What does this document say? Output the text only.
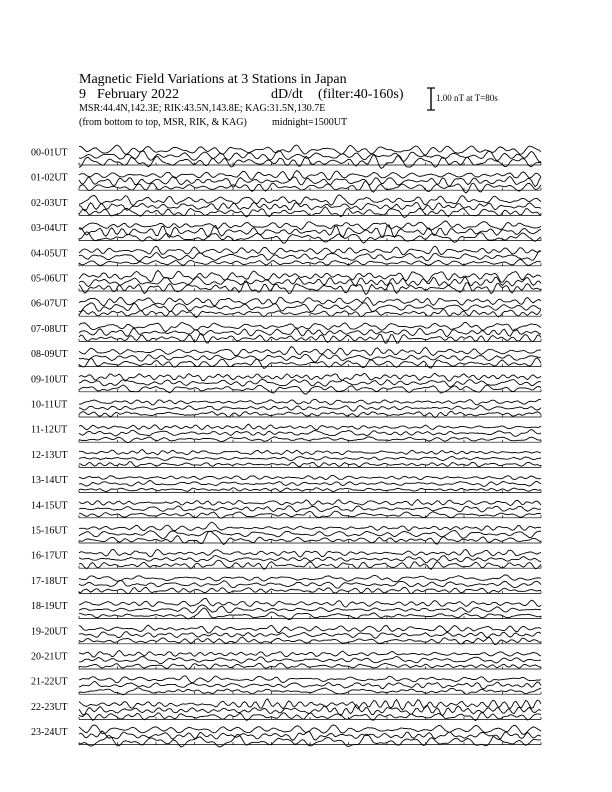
Magnetic Field Variations at 3 Stations in Japan

9 February 2022	dD/dt (filter:40-160s)

MSR:44.4N,142.3E; RIK:43.5N,143.8E; KAG:31.5N,130.7E

(from bottom to top, MSR, RIK, & KAG)	midnight=1500UT

1.00 nT at T=80s

00-01UT
01-02UT
02-03UT
03-04UT
04-05UT
05-06UT
06-07UT
07-08UT
08-09UT
09-10UT
10-11UT
11-12UT
12-13UT
13-14UT
14-15UT
15-16UT
16-17UT
17-18UT
18-19UT
19-20UT
20-21UT
21-22UT
22-23UT
23-24UT
